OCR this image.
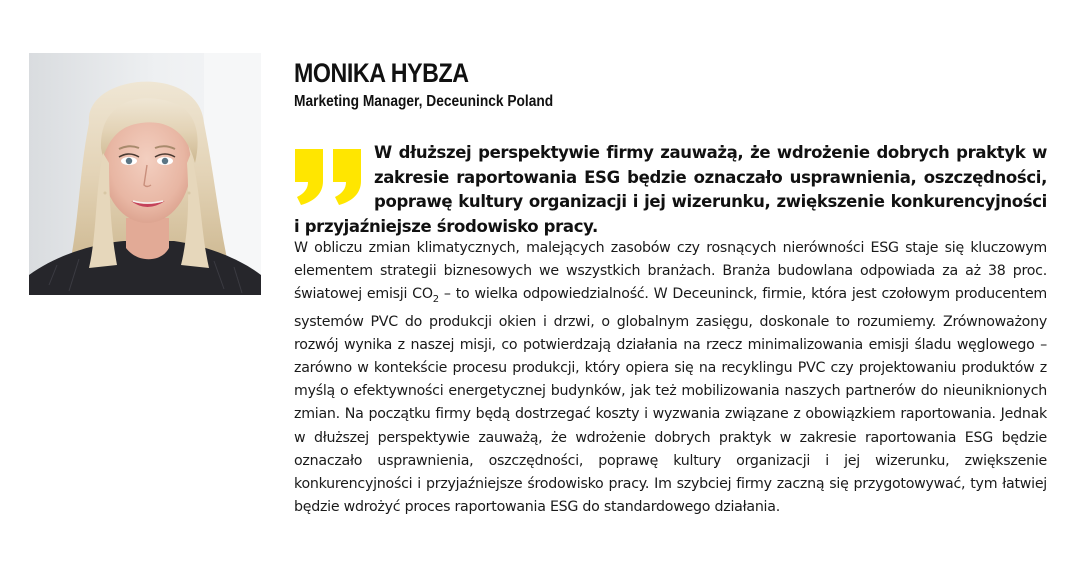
MONIKA HYBZA
Marketing Manager, Deceuninck Poland

W dłuższej perspektywie firmy zauważą, że wdrożenie dobrych praktyk w zakresie raportowania ESG będzie oznaczało usprawnienia, oszczędności, poprawę kultury organizacji i jej wizerunku, zwiększenie konkurencyjności i przyjaźniejsze środowisko pracy.

W obliczu zmian klimatycznych, malejących zasobów czy rosnących nierówności ESG staje się kluczowym elementem strategii biznesowych we wszystkich branżach. Branża budowlana odpowiada za aż 38 proc. światowej emisji $CO_2$ – to wielka odpowiedzialność. W Deceuninck, firmie, która jest czołowym producentem systemów PVC do produkcji okien i drzwi, o globalnym zasięgu, doskonale to rozumiemy. Zrównoważony rozwój wynika z naszej misji, co potwierdzają działania na rzecz minimalizowania emisji śladu węglowego – zarówno w kontekście procesu produkcji, który opiera się na recyklingu PVC czy projektowaniu produktów z myślą o efektywności energetycznej budynków, jak też mobilizowania naszych partnerów do nieuniknionych zmian. Na początku firmy będą dostrzegać koszty i wyzwania związane z obowiązkiem raportowania. Jednak w dłuższej perspektywie zauważą, że wdrożenie dobrych praktyk w zakresie raportowania ESG będzie oznaczało usprawnienia, oszczędności, poprawę kultury organizacji i jej wizerunku, zwiększenie konkurencyjności i przyjaźniejsze środowisko pracy. Im szybciej firmy zaczną się przygotowywać, tym łatwiej będzie wdrożyć proces raportowania ESG do standardowego działania.
